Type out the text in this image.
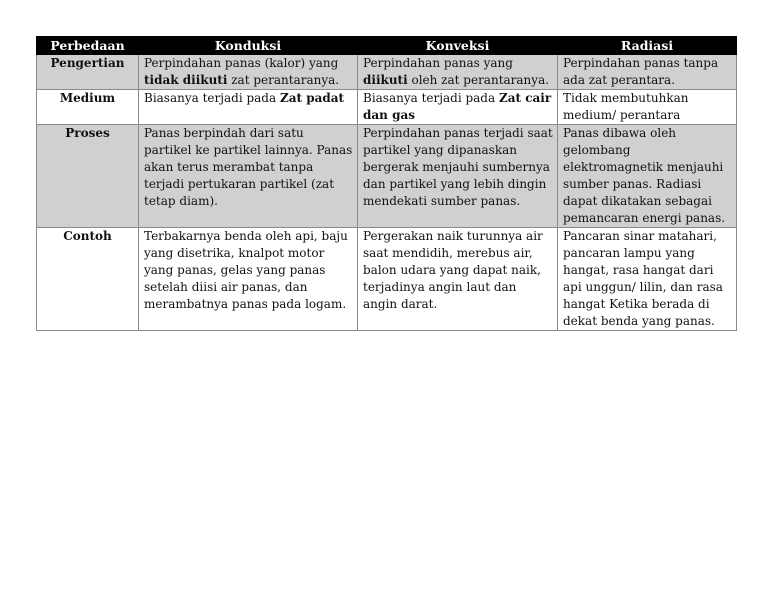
Perbedaan	Konduksi	Konveksi	Radiasi
Pengertian	Perpindahan panas (kalor) yang tidak diikuti zat perantaranya.	Perpindahan panas yang diikuti oleh zat perantaranya.	Perpindahan panas tanpa ada zat perantara.
Medium	Biasanya terjadi pada Zat padat	Biasanya terjadi pada Zat cair dan gas	Tidak membutuhkan medium/ perantara
Proses	Panas berpindah dari satu partikel ke partikel lainnya. Panas akan terus merambat tanpa terjadi pertukaran partikel (zat tetap diam).	Perpindahan panas terjadi saat partikel yang dipanaskan bergerak menjauhi sumbernya dan partikel yang lebih dingin mendekati sumber panas.	Panas dibawa oleh gelombang elektromagnetik menjauhi sumber panas. Radiasi dapat dikatakan sebagai pemancaran energi panas.
Contoh	Terbakarnya benda oleh api, baju yang disetrika, knalpot motor yang panas, gelas yang panas setelah diisi air panas, dan merambatnya panas pada logam.	Pergerakan naik turunnya air saat mendidih, merebus air, balon udara yang dapat naik, terjadinya angin laut dan angin darat.	Pancaran sinar matahari, pancaran lampu yang hangat, rasa hangat dari api unggun/ lilin, dan rasa hangat Ketika berada di dekat benda yang panas.
